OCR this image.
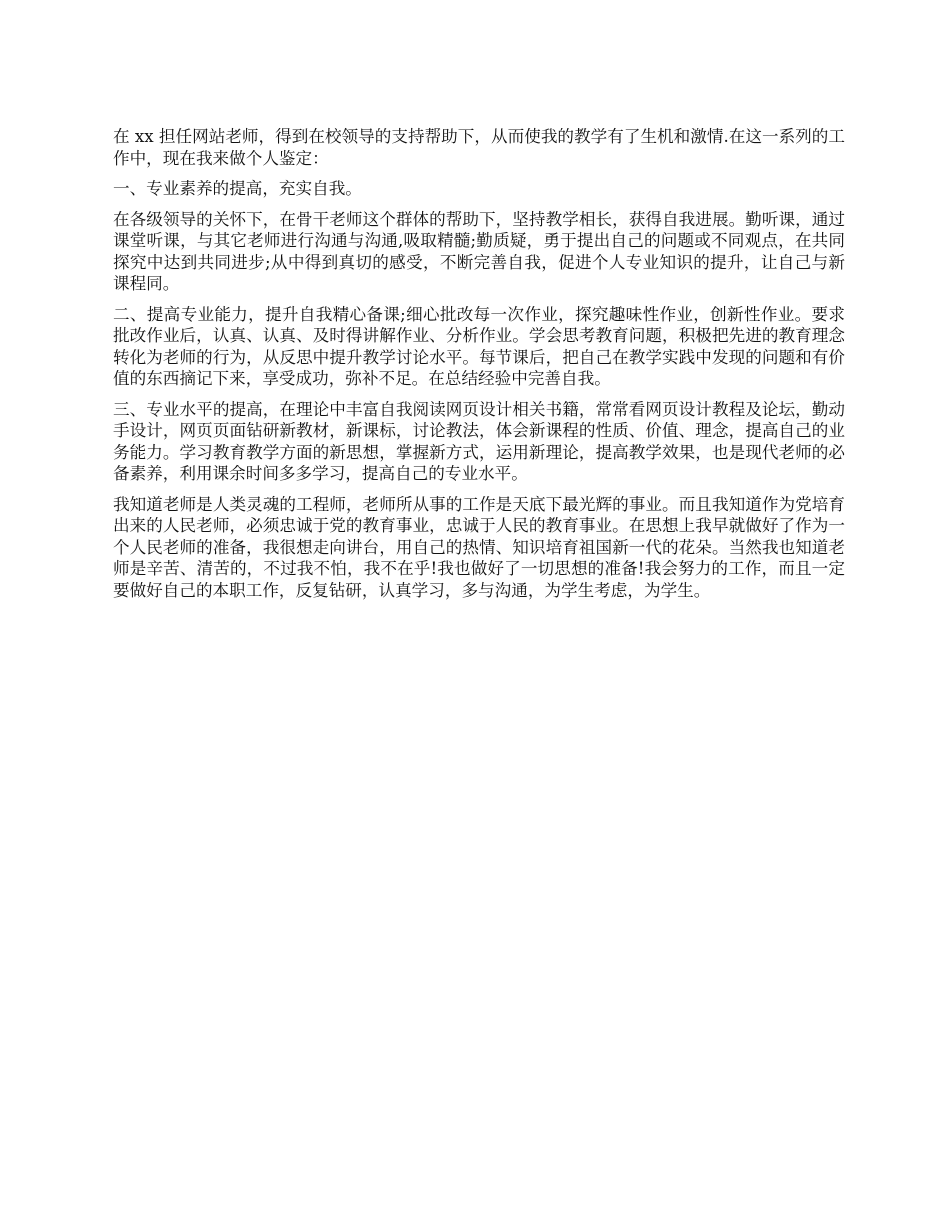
在 xx 担任网站老师，得到在校领导的支持帮助下，从而使我的教学有了生机和激情.在这一系列的工作中，现在我来做个人鉴定：

一、专业素养的提高，充实自我。

在各级领导的关怀下，在骨干老师这个群体的帮助下，坚持教学相长，获得自我进展。勤听课，通过课堂听课，与其它老师进行沟通与沟通,吸取精髓;勤质疑，勇于提出自己的问题或不同观点，在共同探究中达到共同进步;从中得到真切的感受，不断完善自我，促进个人专业知识的提升，让自己与新课程同。

二、提高专业能力，提升自我精心备课;细心批改每一次作业，探究趣味性作业，创新性作业。要求批改作业后，认真、认真、及时得讲解作业、分析作业。学会思考教育问题，积极把先进的教育理念转化为老师的行为，从反思中提升教学讨论水平。每节课后，把自己在教学实践中发现的问题和有价值的东西摘记下来，享受成功，弥补不足。在总结经验中完善自我。

三、专业水平的提高，在理论中丰富自我阅读网页设计相关书籍，常常看网页设计教程及论坛，勤动手设计，网页页面钻研新教材，新课标，讨论教法，体会新课程的性质、价值、理念，提高自己的业务能力。学习教育教学方面的新思想，掌握新方式，运用新理论，提高教学效果，也是现代老师的必备素养，利用课余时间多多学习，提高自己的专业水平。

我知道老师是人类灵魂的工程师，老师所从事的工作是天底下最光辉的事业。而且我知道作为党培育出来的人民老师，必须忠诚于党的教育事业，忠诚于人民的教育事业。在思想上我早就做好了作为一个人民老师的准备，我很想走向讲台，用自己的热情、知识培育祖国新一代的花朵。当然我也知道老师是辛苦、清苦的，不过我不怕，我不在乎!我也做好了一切思想的准备!我会努力的工作，而且一定要做好自己的本职工作，反复钻研，认真学习，多与沟通，为学生考虑，为学生。
